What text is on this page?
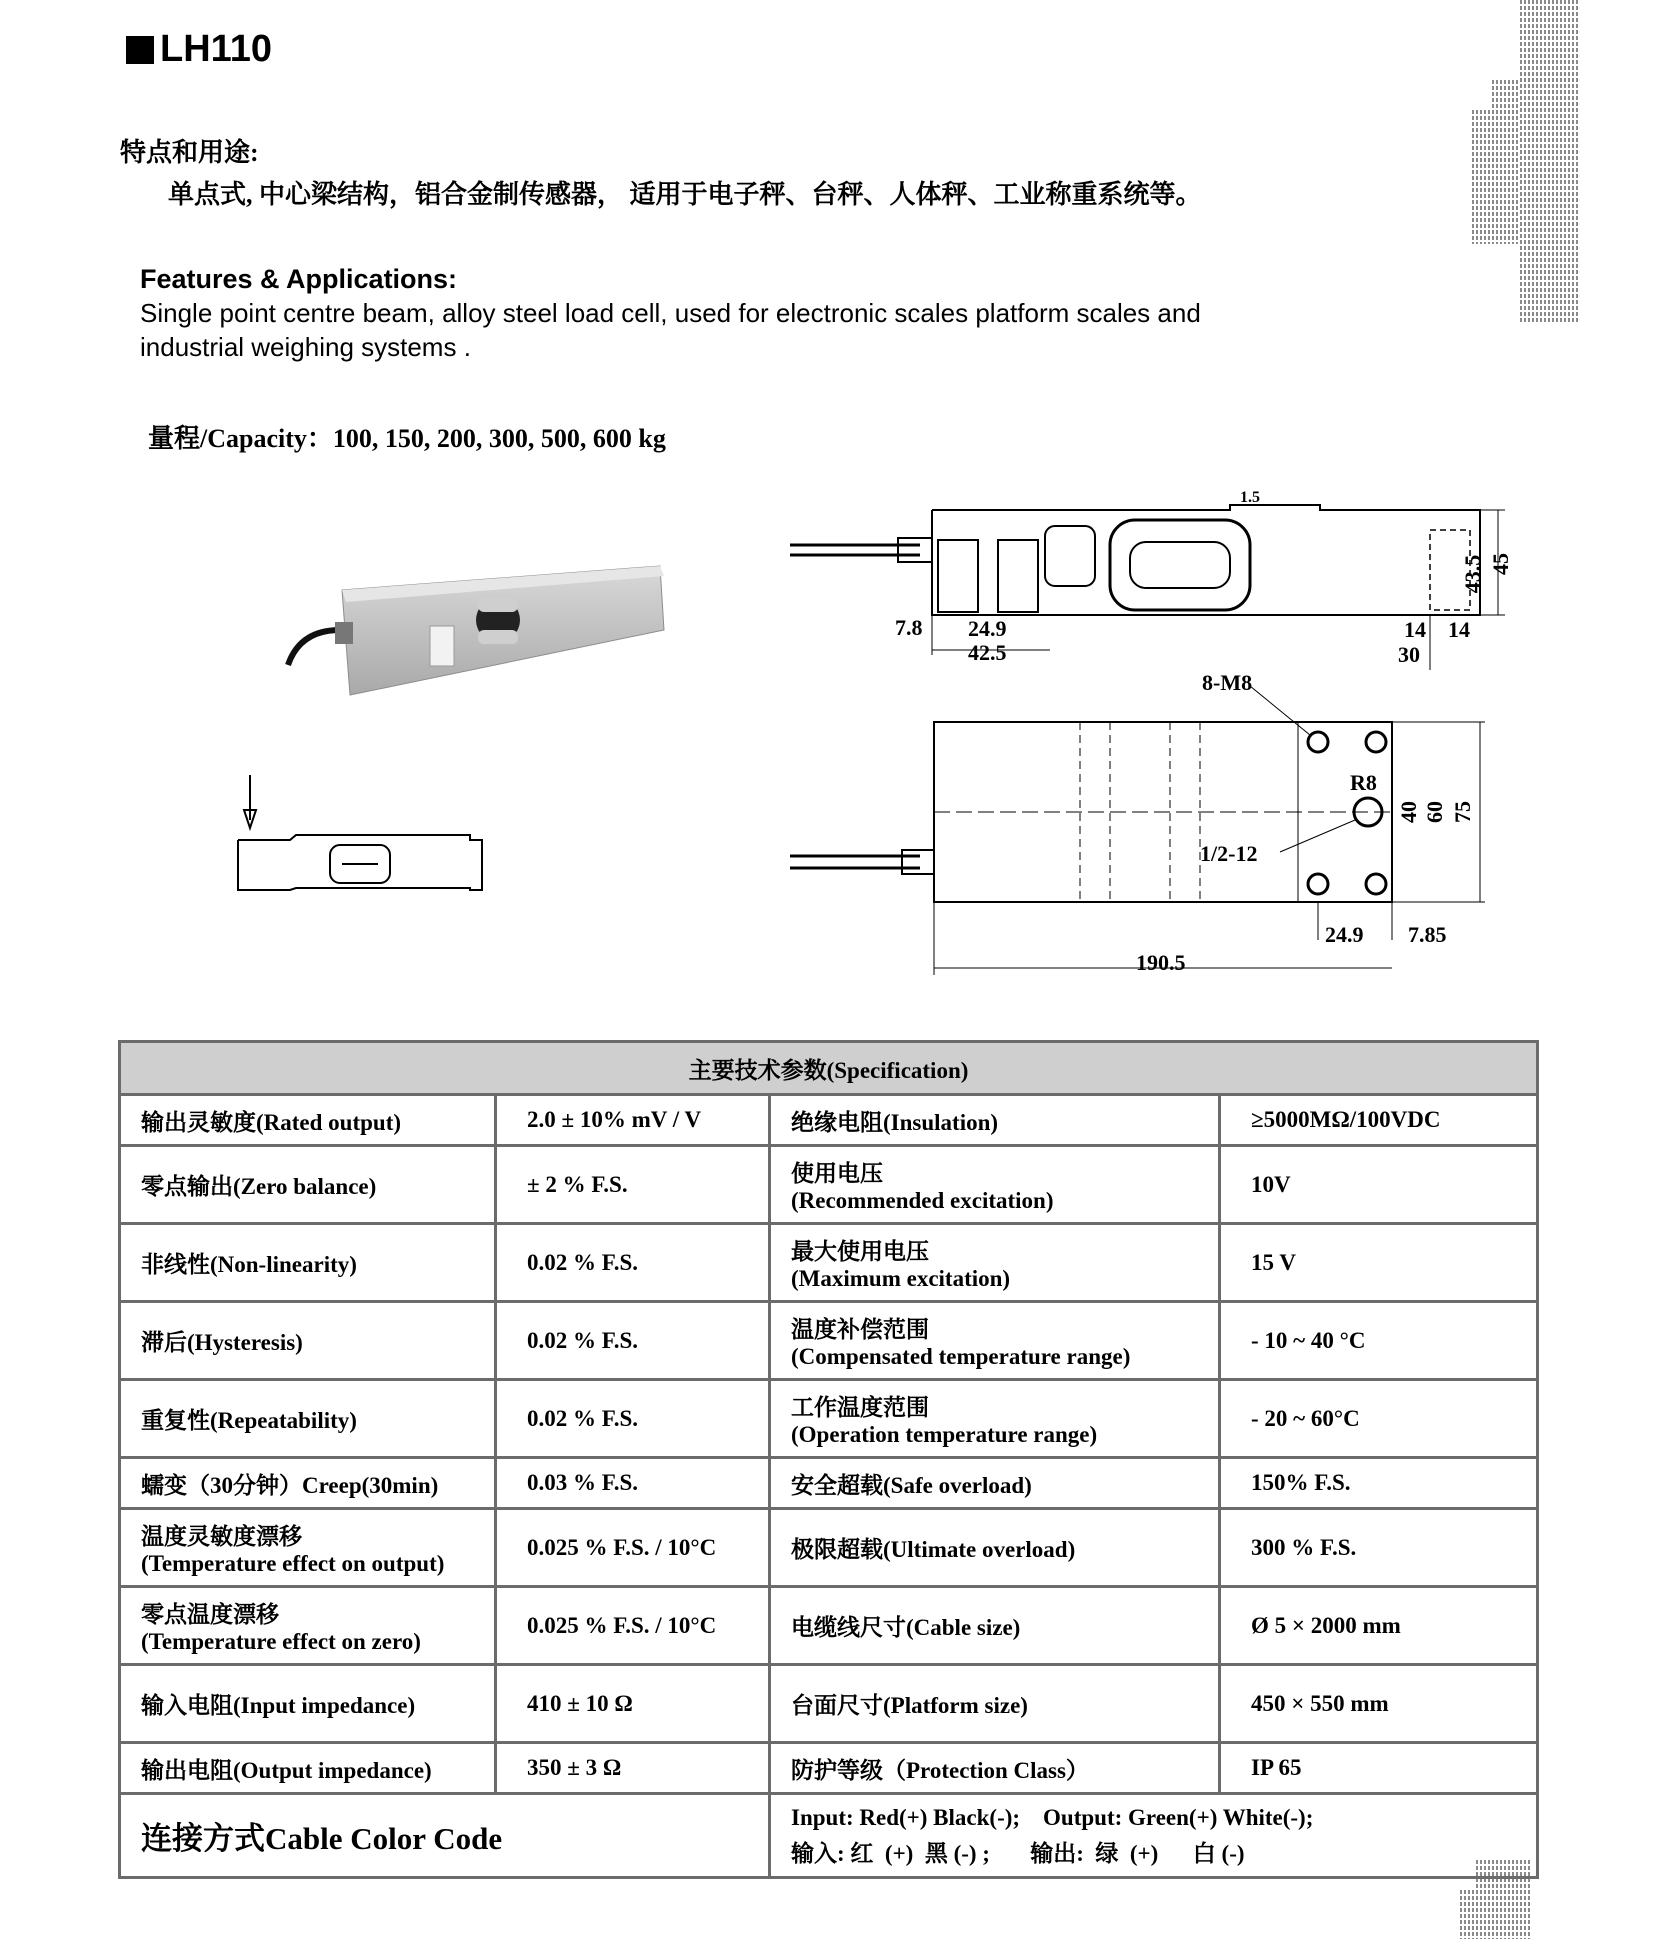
LH110
特点和用途:
单点式, 中心梁结构，铝合金制传感器， 适用于电子秤、台秤、人体秤、工业称重系统等。
Features & Applications:
Single point centre beam, alloy steel load cell, used for electronic scales platform scales and
industrial weighing systems .
量程/Capacity：100, 150, 200, 300, 500, 600 kg
43.5 45
1.5
7.8 24.9
42.5
14 14
30
8-M8
R8
40 60 75
1/2-12
24.9 7.85
190.5
主要技术参数(Specification)			
输出灵敏度(Rated output)	2.0 ± 10% mV / V	绝缘电阻(Insulation)	≥5000MΩ/100VDC
零点输出(Zero balance)	± 2 % F.S.	使用电压
(Recommended excitation)	10V
非线性(Non-linearity)	0.02 % F.S.	最大使用电压
(Maximum excitation)	15 V
滞后(Hysteresis)	0.02 % F.S.	温度补偿范围
(Compensated temperature range)	- 10 ~ 40 °C
重复性(Repeatability)	0.02 % F.S.	工作温度范围
(Operation temperature range)	- 20 ~ 60°C
蠕变（30分钟）Creep(30min)	0.03 % F.S.	安全超载(Safe overload)	150% F.S.

温度灵敏度漂移
(Temperature effect on output)	0.025 % F.S. / 10°C	极限超载(Ultimate overload)	300 % F.S.

零点温度漂移
(Temperature effect on zero)	0.025 % F.S. / 10°C	电缆线尺寸(Cable size)	Ø 5 × 2000 mm
输入电阻(Input impedance)	410 ± 10 Ω	台面尺寸(Platform size)	450 × 550 mm
输出电阻(Output impedance)	350 ± 3 Ω	防护等级（Protection Class）	IP 65
连接方式Cable Color Code		Input: Red(+) Black(-);    Output: Green(+) White(-);
输入: 红  (+)  黑 (-) ;       输出:  绿  (+)      白 (-)	
